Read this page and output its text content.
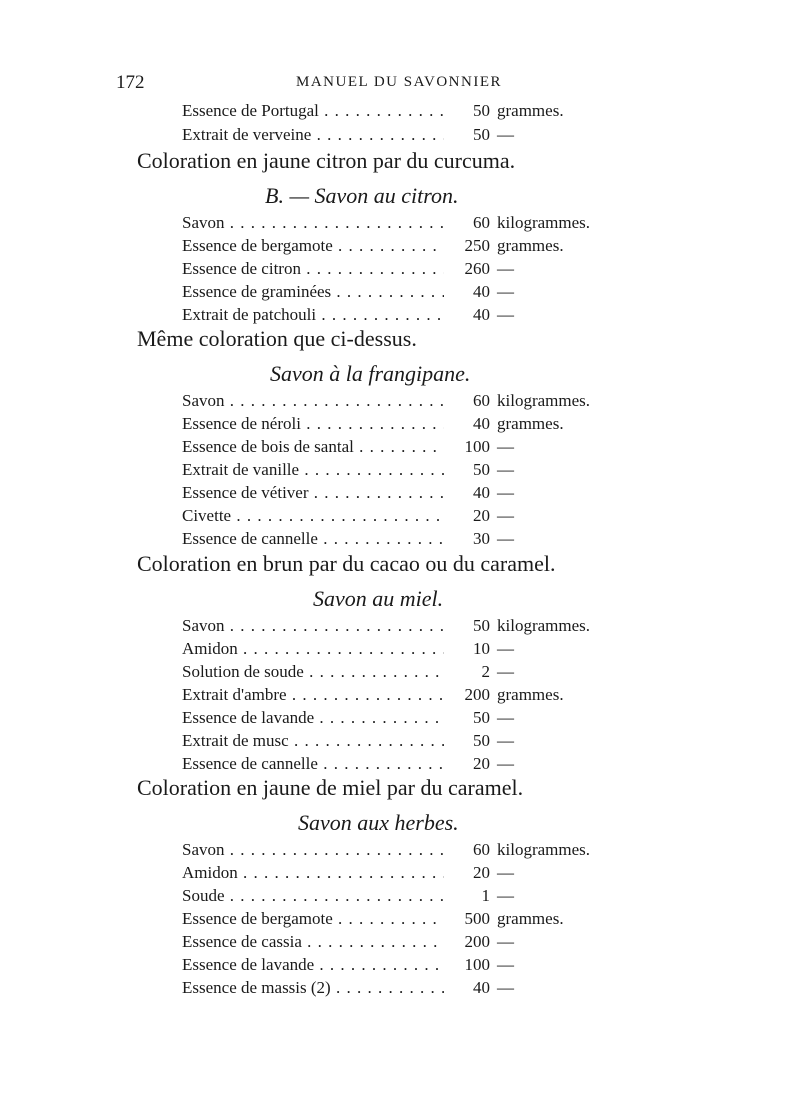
172	MANUEL DU SAVONNIER
Essence de Portugal . . .	50 grammes.
Extrait de verveine . . .	50 —
Coloration en jaune citron par du curcuma.
B. — Savon au citron.
Savon . . .	60 kilogrammes.
Essence de bergamote . . .	250 grammes.
Essence de citron . . .	260 —
Essence de graminées . . .	40 —
Extrait de patchouli . . .	40 —
Même coloration que ci-dessus.
Savon à la frangipane.
Savon . . .	60 kilogrammes.
Essence de néroli . . .	40 grammes.
Essence de bois de santal . . .	100 —
Extrait de vanille . . .	50 —
Essence de vétiver . . .	40 —
Civette . . .	20 —
Essence de cannelle . . .	30 —
Coloration en brun par du cacao ou du caramel.
Savon au miel.
Savon . . .	50 kilogrammes.
Amidon . . .	10 —
Solution de soude . . .	2 —
Extrait d'ambre . . .	200 grammes.
Essence de lavande . . .	50 —
Extrait de musc . . .	50 —
Essence de cannelle . . .	20 —
Coloration en jaune de miel par du caramel.
Savon aux herbes.
Savon . . .	60 kilogrammes.
Amidon . . .	20 —
Soude . . .	1 —
Essence de bergamote . . .	500 grammes.
Essence de cassia . . .	200 —
Essence de lavande . . .	100 —
Essence de massis (2) . . .	40 —
